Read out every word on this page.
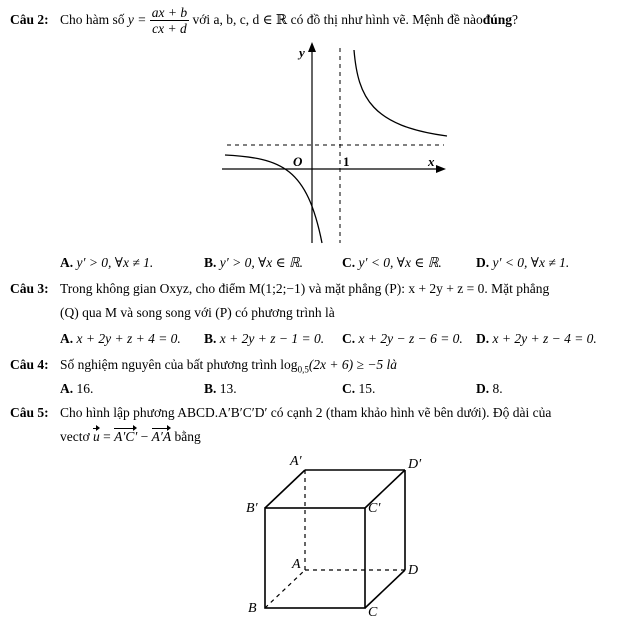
Câu 2: Cho hàm số $y = \frac{ax + b}{cx + d}$ với a, b, c, d ∈ ℝ có đồ thị như hình vẽ. Mệnh đề nàođúng?
y
x
O	1
A. y′ > 0, ∀x ≠ 1.	B. y′ > 0, ∀x ∈ ℝ.	C. y′ < 0, ∀x ∈ ℝ.	D. y′ < 0, ∀x ≠ 1.
Câu 3: Trong không gian Oxyz, cho điểm M(1;2;−1) và mặt phẳng (P): x + 2y + z = 0. Mặt phẳng
(Q) qua M và song song với (P) có phương trình là
A. x + 2y + z + 4 = 0. B. x + 2y + z − 1 = 0. C. x + 2y − z − 6 = 0. D. x + 2y + z − 4 = 0.
Câu 4: Số nghiệm nguyên của bất phương trình $\log_{0,5}(2x + 6) \ge -5$ là
A. 16.	B. 13.	C. 15.	D. 8.
Câu 5: Cho hình lập phương ABCD.A′B′C′D′ có cạnh 2 (tham khảo hình vẽ bên dưới). Độ dài của
vectơ u = A′C′ − A′A bằng
A′	D′
B′	C′
A	D
B	C
